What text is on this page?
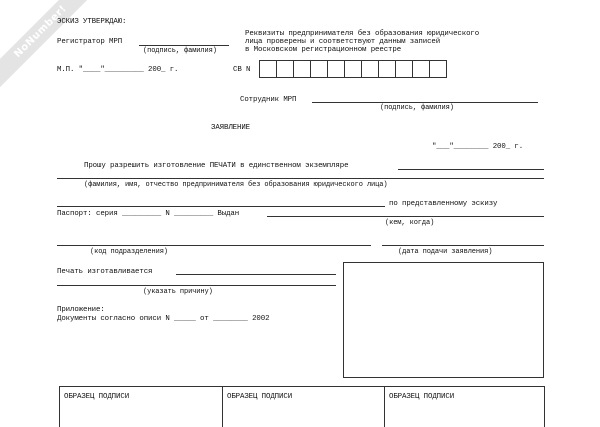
NoNumber!
ЭСКИЗ УТВЕРЖДАЮ:
Регистратор МРП
(подпись, фамилия)
М.П. "____"_________ 200_ г.
Реквизиты предпринимателя без образования юридического
лица проверены и соответствуют данным записей
в Московском регистрационном реестре
СВ N
Сотрудник МРП
(подпись, фамилия)
ЗАЯВЛЕНИЕ
"___"________ 200_ г.
Прошу разрешить изготовление ПЕЧАТИ в единственном экземпляре
(фамилия, имя, отчество предпринимателя без образования юридического лица)
по представленному эскизу
Паспорт: серия _________ N _________ Выдан
(кем, когда)
(код подразделения)	(дата подачи заявления)
Печать изготавливается
(указать причину)
Приложение:
Документы согласно описи N _____ от ________ 2002
ОБРАЗЕЦ ПОДПИСИ	ОБРАЗЕЦ ПОДПИСИ	ОБРАЗЕЦ ПОДПИСИ
